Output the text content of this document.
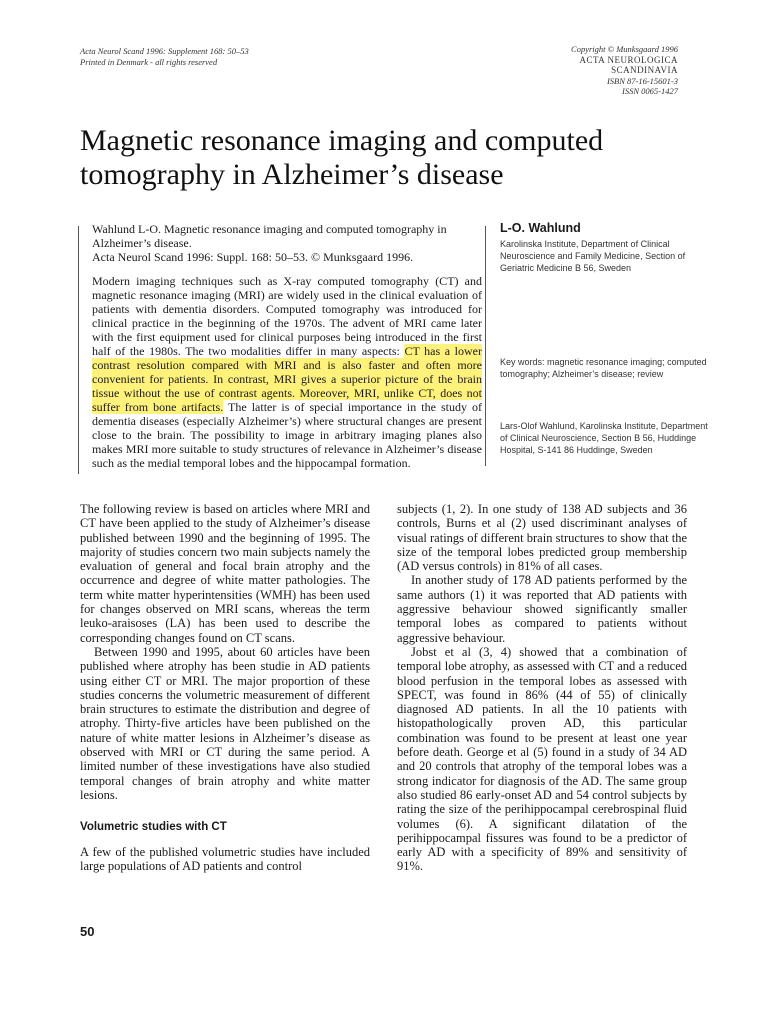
Acta Neurol Scand 1996: Supplement 168: 50–53
Printed in Denmark - all rights reserved
Copyright © Munksgaard 1996
ACTA NEUROLOGICA
SCANDINAVIA
ISBN 87-16-15601-3
ISSN 0065-1427
Magnetic resonance imaging and computed tomography in Alzheimer’s disease
Wahlund L-O. Magnetic resonance imaging and computed tomography in Alzheimer’s disease.
Acta Neurol Scand 1996: Suppl. 168: 50–53. © Munksgaard 1996.
Modern imaging techniques such as X-ray computed tomography (CT) and magnetic resonance imaging (MRI) are widely used in the clinical evaluation of patients with dementia disorders. Computed tomography was introduced for clinical practice in the beginning of the 1970s. The advent of MRI came later with the first equipment used for clinical purposes being introduced in the first half of the 1980s. The two modalities differ in many aspects: CT has a lower contrast resolution compared with MRI and is also faster and often more convenient for patients. In contrast, MRI gives a superior picture of the brain tissue without the use of contrast agents. Moreover, MRI, unlike CT, does not suffer from bone artifacts. The latter is of special importance in the study of dementia diseases (especially Alzheimer’s) where structural changes are present close to the brain. The possibility to image in arbitrary imaging planes also makes MRI more suitable to study structures of relevance in Alzheimer’s disease such as the medial temporal lobes and the hippocampal formation.
L-O. Wahlund
Karolinska Institute, Department of Clinical Neuroscience and Family Medicine, Section of Geriatric Medicine B 56, Sweden
Key words: magnetic resonance imaging; computed tomography; Alzheimer’s disease; review
Lars-Olof Wahlund, Karolinska Institute, Department of Clinical Neuroscience, Section B 56, Huddinge Hospital, S-141 86 Huddinge, Sweden

The following review is based on articles where MRI and CT have been applied to the study of Alzheimer’s disease published between 1990 and the beginning of 1995. The majority of studies concern two main subjects namely the evaluation of general and focal brain atrophy and the occurrence and degree of white matter pathologies. The term white matter hyperintensities (WMH) has been used for changes observed on MRI scans, whereas the term leuko-araisoses (LA) has been used to describe the corresponding changes found on CT scans.

Between 1990 and 1995, about 60 articles have been published where atrophy has been studie in AD patients using either CT or MRI. The major proportion of these studies concerns the volumetric measurement of different brain structures to estimate the distribution and degree of atrophy. Thirty-five articles have been published on the nature of white matter lesions in Alzheimer’s disease as observed with MRI or CT during the same period. A limited number of these investigations have also studied temporal changes of brain atrophy and white matter lesions.

Volumetric studies with CT

A few of the published volumetric studies have included large populations of AD patients and control

subjects (1, 2). In one study of 138 AD subjects and 36 controls, Burns et al (2) used discriminant analyses of visual ratings of different brain structures to show that the size of the temporal lobes predicted group membership (AD versus controls) in 81% of all cases.

In another study of 178 AD patients performed by the same authors (1) it was reported that AD patients with aggressive behaviour showed significantly smaller temporal lobes as compared to patients without aggressive behaviour.

Jobst et al (3, 4) showed that a combination of temporal lobe atrophy, as assessed with CT and a reduced blood perfusion in the temporal lobes as assessed with SPECT, was found in 86% (44 of 55) of clinically diagnosed AD patients. In all the 10 patients with histopathologically proven AD, this particular combination was found to be present at least one year before death. George et al (5) found in a study of 34 AD and 20 controls that atrophy of the temporal lobes was a strong indicator for diagnosis of the AD. The same group also studied 86 early-onset AD and 54 control subjects by rating the size of the perihippocampal cerebrospinal fluid volumes (6). A significant dilatation of the perihippocampal fissures was found to be a predictor of early AD with a specificity of 89% and sensitivity of 91%.

50
